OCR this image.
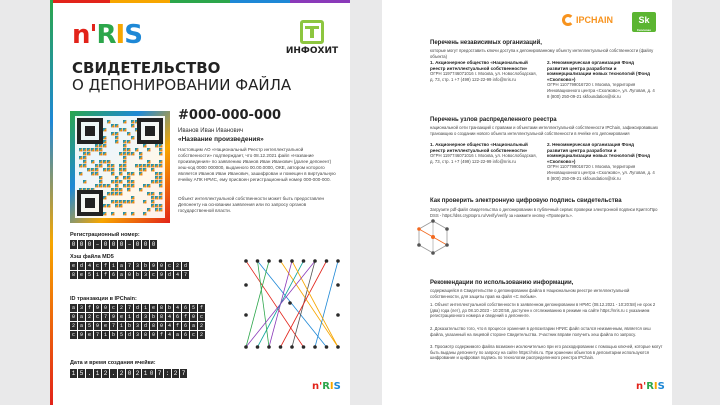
n'RIS
ИНФОХИТ
СВИДЕТЕЛЬСТВО
О ДЕПОНИРОВАНИИ ФАЙЛА
#000-000-000
Иванов Иван Иванович
«Название произведения»
Настоящим АО «Национальный Реестр интеллектуальной собственности» подтверждает, что 08.12.2021 файл «Название произведения» по заявлению Иванов Иван Иванович (далее депонент) хеш-код 0000 000000, выданного 00.00.0000, ОКЕ, автором которого является Иванов Иван Иванович, зашифрован и помещен в виртуальную ячейку АПК НРИС, ему присвоен регистрационный номер 000-000-000.
Объект интеллектуальной собственности может быть предоставлен Депоненту на основании заявления или по запросу органов государственной власти.
Регистрационный номер:
0 0 0 – 0 0 0 – 0 0 0
Хэш файла MD5
e d 4 c f 1 a 7 3 b 9 0 c 2 d
8 e 5 1 f 6 a 0 b 3 c 9 d 4 7
ID транзакции в IPChain:
a 3 f 9 0 c 2 7 d 1 e 8 b 4 6 5 f
0 a 2 c 7 9 e 1 d 3 b 8 4 6 f 0 c
2 a 5 9 e 7 1 b 3 d 8 0 4 f 6 a 2
c 9 e 7 1 b 5 d 3 8 0 f 4 a 6 c 2
Дата и время создания ячейки:
1 5 . 1 2 . 2 0 2 1 0 7 : 2 7
n'RIS
IPCHAIN	Sk
Сколково
Перечень независимых организаций,
которые могут предоставить ключи доступа к депонированному объекту интеллектуальной собственности (файлу объекта)
1. Акционерное общество «Национальный реестр интеллектуальной собственности»
ОГРН 1197746071016 г. Москва, ул. Новослободская, д. 73, стр. 1 +7 (499) 122-22-99 info@nris.ru
2. Некоммерческая организация Фонд развития центра разработки и коммерциализации новых технологий (Фонд «Сколково»)
ОГРН 1107799016720 г. Москва, территория Инновационного центра «Сколково», ул. Луговая, д. 4 8 (800) 250-09-21 skfoundation@sk.ru
Перечень узлов распределенного реестра
национальной сети транзакций с правами и объектами интеллектуальной собственности IPChain, зафиксировавших транзакцию о создании нового объекта интеллектуальной собственности в ячейке его депонирования
1. Акционерное общество «Национальный реестр интеллектуальной собственности»
ОГРН 1197746071016 г. Москва, ул. Новослободская, д. 73, стр. 1 +7 (499) 122-22-99 info@nris.ru
2. Некоммерческая организация Фонд развития центра разработки и коммерциализации новых технологий (Фонд «Сколково»)
ОГРН 1107799016720 г. Москва, территория Инновационного центра «Сколково», ул. Луговая, д. 4 8 (800) 250-09-21 skfoundation@sk.ru
Как проверить электронную цифровую подпись свидетельства
Загрузите pdf-файл свидетельства о депонировании в публичный сервис проверки электронной подписи КриптоПро DSS - https://dss.cryptopro.ru/Verify/verify за нажмите кнопку «Проверить».
Рекомендации по использованию информации,
содержащейся в Свидетельстве о депонировании файла в Национальном реестре интеллектуальной собственности, для защиты прав на файл «С любым».
1. Объект интеллектуальной собственности в заявленном депонировании в НРИС (08.12.2021 - 10:20:58) не срок 2 (два) года (лет), до 08.10.2023 - 10:20:58, доступен к отслеживанию в режиме на сайте https://nris.ru с указанием регистрационного номера и сведений о депоненте.
2. Доказательство того, что в процессе хранения в депозитарии НРИС файл остался неизменным, является хеш файла, указанный на лицевой стороне Свидетельства. Участник вправе получить хеш файла по запросу.
3. Просмотр содержимого файла возможен исключительно при его раскодировании с помощью ключей, которые могут быть выданы депоненту по запросу на сайте https://nris.ru. При хранении объектов в депозитарии используются шифрование и цифровая подпись по технологии распределенного реестра IPChain.
n'RIS
